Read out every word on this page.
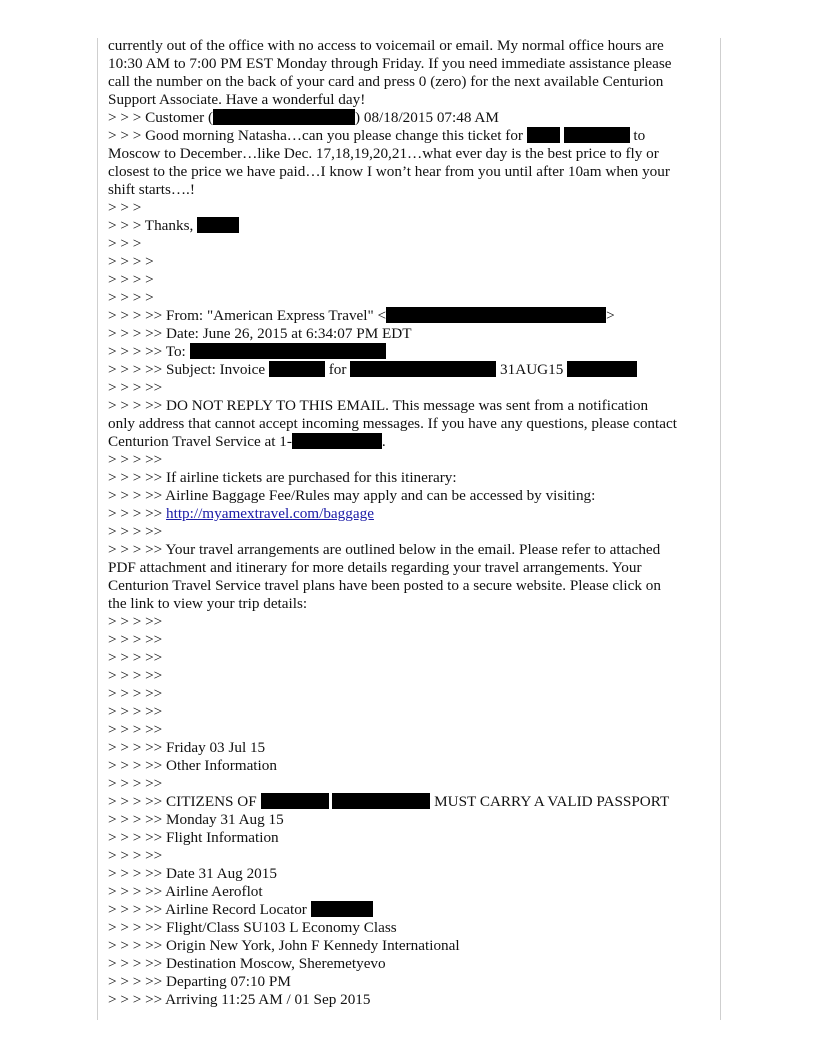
currently out of the office with no access to voicemail or email. My normal office hours are
10:30 AM to 7:00 PM EST Monday through Friday. If you need immediate assistance please
call the number on the back of your card and press 0 (zero) for the next available Centurion
Support Associate. Have a wonderful day!
> > > Customer (	) 08/18/2015 07:48 AM
> > > Good morning Natasha…can you please change this ticket for	to
Moscow to December…like Dec. 17,18,19,20,21…what ever day is the best price to fly or
closest to the price we have paid…I know I won’t hear from you until after 10am when your
shift starts….!
> > >
> > > Thanks,
> > >
> > > >
> > > >
> > > >
> > > >> From: "American Express Travel" <	>
> > > >> Date: June 26, 2015 at 6:34:07 PM EDT
> > > >> To:
> > > >> Subject: Invoice	for	31AUG15
> > > >>
> > > >> DO NOT REPLY TO THIS EMAIL. This message was sent from a notification
only address that cannot accept incoming messages. If you have any questions, please contact
Centurion Travel Service at 1-	.
> > > >>
> > > >> If airline tickets are purchased for this itinerary:
> > > >> Airline Baggage Fee/Rules may apply and can be accessed by visiting:
> > > >> http://myamextravel.com/baggage
> > > >>
> > > >> Your travel arrangements are outlined below in the email. Please refer to attached
PDF attachment and itinerary for more details regarding your travel arrangements. Your
Centurion Travel Service travel plans have been posted to a secure website. Please click on
the link to view your trip details:
> > > >>
> > > >>
> > > >>
> > > >>
> > > >>
> > > >>
> > > >>
> > > >> Friday 03 Jul 15
> > > >> Other Information
> > > >>
> > > >> CITIZENS OF	MUST CARRY A VALID PASSPORT
> > > >> Monday 31 Aug 15
> > > >> Flight Information
> > > >>
> > > >> Date 31 Aug 2015
> > > >> Airline Aeroflot
> > > >> Airline Record Locator
> > > >> Flight/Class SU103 L Economy Class
> > > >> Origin New York, John F Kennedy International
> > > >> Destination Moscow, Sheremetyevo
> > > >> Departing 07:10 PM
> > > >> Arriving 11:25 AM / 01 Sep 2015
